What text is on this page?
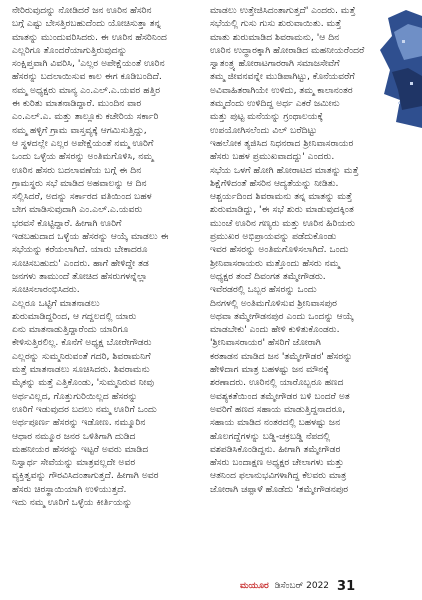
ನೇರಿರುವುದನ್ನು ನೋಡಿದರೆ ಜನ ಊರಿನ ಹೆಸರಿನ
ಬಗ್ಗೆ ಎಷ್ಟು ಬೇಸತ್ತಿರಬಹುದೆಂದು ಯೋಚಿಸುತ್ತಾ ತನ್ನ
ಮಾತನ್ನು ಮುಂದುವರಿಸಿದರು. ಈ ಊರಿನ ಹೆಸರಿನಿಂದ
ಎಲ್ಲರಿಗೂ ತೊಂದರೆಯಾಗುತ್ತಿರುವುದನ್ನು
ಸಂಕ್ಷಿಪ್ತವಾಗಿ ವಿವರಿಸಿ, 'ಎಲ್ಲರ ಅಪೇಕ್ಷೆಯಂತೆ ಊರಿನ
ಹೆಸರನ್ನು ಬದಲಾಯಿಸುವ ಕಾಲ ಈಗ ಕೂಡಿಬಂದಿದೆ.
ನಮ್ಮ ಅಧ್ಯಕ್ಷರು ಮಾನ್ಯ ಎಂ.ಎಲ್.ಎ.ಯವರ ಹತ್ತಿರ
ಈ ಕುರಿತು ಮಾತನಾಡಿದ್ದಾರೆ. ಮುಂದಿನ ವಾರ
ಎಂ.ಎಲ್.ಎ. ಮತ್ತು ತಾಲ್ಲೂಕು ಕಚೇರಿಯ ಸರ್ಕಾರಿ
ನಮ್ಮ ಹಳ್ಳಿಗೆ ಗ್ರಾಮ ವಾಸ್ತವ್ಯಕ್ಕೆ ಆಗಮಿಸುತ್ತಿದ್ದು,
ಆ ಸ್ಥಳದಲ್ಲೇ ಎಲ್ಲರ ಅಪೇಕ್ಷೆಯಂತೆ ನಮ್ಮ ಊರಿಗೆ
ಒಂದು ಒಳ್ಳೆಯ ಹೆಸರನ್ನು ಅಂತಿಮಗೊಳಿಸಿ, ನಮ್ಮ
ಊರಿನ ಹೆಸರು ಬದಲಾವಣೆಯ ಬಗ್ಗೆ ಈ ದಿನ
ಗ್ರಾಮಸ್ಥರು ಸಭೆ ಮಾಡಿದ ಅಹವಾಲನ್ನು ಆ ದಿನ
ಸಲ್ಲಿಸಿದರೆ, ಅದನ್ನು ಸರ್ಕಾರದ ವತಿಯಿಂದ ಬಹಳ
ಬೇಗ ಮಾಡಿಸುವುದಾಗಿ ಎಂ.ಎಲ್.ಎ.ಯವರು
ಭರವಸೆ ಕೊಟ್ಟಿದ್ದಾರೆ. ಹೀಗಾಗಿ ಊರಿಗೆ
ಇಡಬಹುದಾದ ಒಳ್ಳೆಯ ಹೆಸರನ್ನು ಆಯ್ಕೆ ಮಾಡಲು ಈ
ಸಭೆಯನ್ನು ಕರೆಯಲಾಗಿದೆ. ಯಾರು ಬೇಕಾದರೂ
ಸೂಚಿಸಬಹುದು' ಎಂದರು. ಹಾಗೆ ಹೇಳಿದ್ದೇ ತಡ
ಜನಗಳು ತಾಮುಂದೆ ತೋಚಿದ ಹೆಸರುಗಳನ್ನೆಲ್ಲಾ
ಸೂಚಿಸಲಾರಂಭಿಸಿದರು.
ಎಲ್ಲರೂ ಒಟ್ಟಿಗೆ ಮಾತನಾಡಲು
ಶುರುಮಾಡಿದ್ದರಿಂದ, ಆ ಗದ್ದಲದಲ್ಲಿ ಯಾರು
ಏನು ಮಾತನಾಡುತ್ತಿದ್ದಾರೆಂದು ಯಾರಿಗೂ
ಕೇಳಿಸುತ್ತಿರಲಿಲ್ಲ. ಕೊನೆಗೆ ಅಧ್ಯಕ್ಷ ಬೋರೇಗೌಡರು
ಎಲ್ಲರನ್ನು ಸುಮ್ಮನಿರುವಂತೆ ಗದರಿ, ಶಿವರಾಮನಿಗೆ
ಮತ್ತೆ ಮಾತನಾಡಲು ಸೂಚಿಸಿದರು. ಶಿವರಾಮನು
ಮೈಕನ್ನು ಮತ್ತೆ ಎತ್ತಿಕೊಂಡು, 'ಸುಮ್ಮನಿರುವ ನೀವು
ಅರ್ಥವಿಲ್ಲದ, ಗೊತ್ತುಗುರಿಯಿಲ್ಲದ ಹೆಸರನ್ನು
ಊರಿಗೆ ಇಡುವುದರ ಬದಲು ನಮ್ಮ ಊರಿಗೆ ಒಂದು
ಅರ್ಥಪೂರ್ಣ ಹೆಸರನ್ನು ಇಡೋಣ. ನಮ್ಮೂರಿನ
ಆಧಾರ ನಮ್ಮೂರ ಜನರ ಒಳಿತಿಗಾಗಿ ದುಡಿದ
ಮಹನೀಯರ ಹೆಸರನ್ನು ಇಟ್ಟರೆ ಅವರು ಮಾಡಿದ
ನಿಸ್ವಾರ್ಥ ಸೇವೆಯನ್ನು ಮಾತ್ರವಲ್ಲದೇ ಅವರ
ವ್ಯಕ್ತಿತ್ವವನ್ನು ಗೌರವಿಸಿದಂತಾಗುತ್ತದೆ. ಹೀಗಾಗಿ ಅವರ
ಹೆಸರು ಚಿರಸ್ಥಾಯಿಯಾಗಿ ಉಳಿಯುತ್ತದೆ.
ಇದು ನಮ್ಮ ಊರಿಗೆ ಒಳ್ಳೆಯ ಕೀರ್ತಿಯನ್ನು

ಮಾಡಲು ಉತ್ತೇಜಿಸಿದಂತಾಗುತ್ತದೆ' ಎಂದರು. ಮತ್ತೆ
ಸಭೆಯಲ್ಲಿ ಗುಸು ಗುಸು ಶುರುವಾಯಿತು. ಮತ್ತೆ
ಮಾತು ಶುರುಮಾಡಿದ ಶಿವರಾಮನು, 'ಆ ದಿನ
ಊರಿನ ಉದ್ಧಾರಕ್ಕಾಗಿ ಹೋರಾಡಿದ ಮಹನೀಯರೆಂದರೆ
ಸ್ವಾತಂತ್ರ್ಯ ಹೋರಾಟಗಾರರಾಗಿ ಸಮಾಜಸೇವೆಗೆ
ತಮ್ಮ ಜೀವನವನ್ನೇ ಮುಡಿಪಾಗಿಟ್ಟು, ಕೊನೆಯವರೆಗೆ
ಅವಿವಾಹಿತರಾಗಿಯೇ ಉಳಿದು, ತಮ್ಮ ಕಾಲಾನಂತರ
ತಮ್ಮದೆಂದು ಉಳಿದಿದ್ದ ಅರ್ಧ ಎಕರೆ ಜಮೀನು
ಮತ್ತು ಪುಟ್ಟ ಮನೆಯನ್ನು ಗ್ರಂಥಾಲಯಕ್ಕೆ
ಉಪಯೋಗಿಸಲೆಂದು ವಿಲ್ ಬರೆದಿಟ್ಟು
ಇಹಲೋಕ ತ್ಯಜಿಸಿದ ನಿಧನರಾದ ಶ್ರೀನಿವಾಸರಾಯರ
ಹೆಸರು ಬಹಳ ಪ್ರಮುಖವಾದದ್ದು' ಎಂದರು.
ಸಭೆಯ ಒಳಗೆ ಹೋಗಿ ಹೋರಾಟದ ಮಾತನ್ನು ಮತ್ತೆ
ಶಿಕ್ಷೆಗೆಳಿದಂತೆ ಹೆಸರಿನ ಆದ್ಯತೆಯನ್ನು ನೀಡಿತು.
ಆಶ್ಚರ್ಯದಿಂದ ಶಿವರಾಮನು ತನ್ನ ಮಾತನ್ನು ಮತ್ತೆ
ಶುರುಮಾಡಿದ್ದು, 'ಈ ಸಭೆ ಶುರು ಮಾಡುವುದಕ್ಕಿಂತ
ಮುಂಚೆ ಊರಿನ ಗಣ್ಯರು ಮತ್ತು ಊರಿನ ಹಿರಿಯರು
ಪ್ರಮುಖರ ಅಭಿಪ್ರಾಯವನ್ನು ಪಡೆದುಕೊಂಡು
ಇವರ ಹೆಸರನ್ನು ಅಂತಿಮಗೊಳಿಸಲಾಗಿದೆ. ಒಂದು
ಶ್ರೀನಿವಾಸರಾಯರು ಮತ್ತೊಂದು ಹೆಸರು ನಮ್ಮ
ಅಧ್ಯಕ್ಷರ ತಂದೆ ದಿವಂಗತ ತಮ್ಮೇಗೌಡರು.
ಇವೆರಡರಲ್ಲಿ ಒಬ್ಬರ ಹೆಸರನ್ನು ಒಂದು
ದಿನಗಳಲ್ಲಿ ಅಂತಿಮಗೊಳಿಸುವ ಶ್ರೀನಿವಾಸಪುರ
ಅಥವಾ ತಮ್ಮೇಗೌಡನಪುರ ಎಂದು ಒಂದನ್ನು ಆಯ್ಕೆ
ಮಾಡಬೇಕು' ಎಂದು ಹೇಳಿ ಕುಳಿತುಕೊಂಡರು.
'ಶ್ರೀನಿವಾಸರಾಯರ' ಹೆಸರಿಗೆ ಜೋರಾಗಿ
ಕರತಾಡನ ಮಾಡಿದ ಜನ 'ತಮ್ಮೇಗೌಡರ' ಹೆಸರನ್ನು
ಹೇಳಿದಾಗ ಮಾತ್ರ ಬಹಳಷ್ಟು ಜನ ಮೌನಕ್ಕೆ
ಶರಣಾದರು. ಊರಿನಲ್ಲಿ ಯಾರೊಬ್ಬರೂ ಹಣದ
ಅವಶ್ಯಕತೆಯಿಂದ ತಮ್ಮೇಗೌಡರ ಬಳಿ ಬಂದರೆ ಅತ
ಅವರಿಗೆ ಹಣದ ಸಹಾಯ ಮಾಡುತ್ತಿದ್ದನಾದರೂ,
ಸಹಾಯ ಮಾಡಿದ ನಂತರದಲ್ಲಿ ಬಹಳಷ್ಟು ಜನ
ಹೊಲಗದ್ದೆಗಳನ್ನು ಬಡ್ಡಿ-ಚಕ್ರಬಡ್ಡಿ ನೆಪದಲ್ಲಿ
ವಶಪಡಿಸಿಕೊಂಡಿದ್ದನು. ಹೀಗಾಗಿ ತಮ್ಮೇಗೌಡರ
ಹೆಸರು ಬಂದಾಕ್ಷಣ ಅಧ್ಯಕ್ಷರ ಚೇಲಾಗಳು ಮತ್ತು
ಆತನಿಂದ ಫಲಾನುಭವಿಗಳಾಗಿದ್ದ ಕೆಲವರು ಮಾತ್ರ
ಜೋರಾಗಿ ಚಪ್ಪಾಳೆ ಹೊಡೆದು 'ತಮ್ಮೇಗೌಡನಪುರ

ಮಯೂರ ಡಿಸೆಂಬರ್ 2022 31
